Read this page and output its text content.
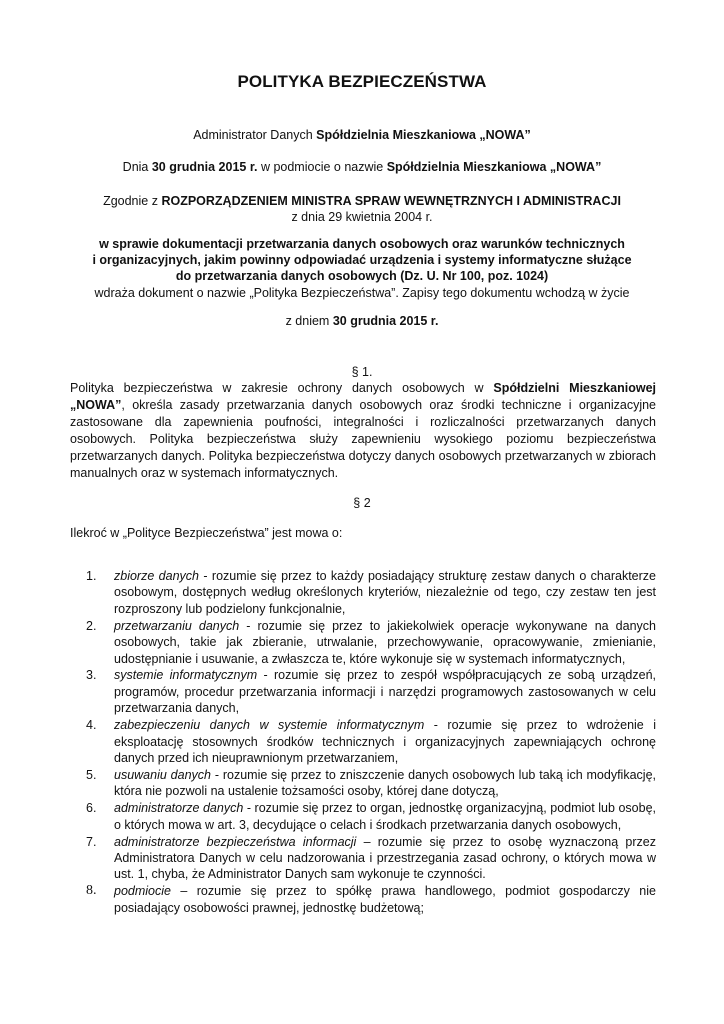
POLITYKA BEZPIECZEŃSTWA
Administrator Danych Spółdzielnia Mieszkaniowa „NOWA”
Dnia 30 grudnia 2015 r. w podmiocie o nazwie Spółdzielnia Mieszkaniowa „NOWA”
Zgodnie z ROZPORZĄDZENIEM MINISTRA SPRAW WEWNĘTRZNYCH I ADMINISTRACJI
z dnia 29 kwietnia 2004 r.
w sprawie dokumentacji przetwarzania danych osobowych oraz warunków technicznych
i organizacyjnych, jakim powinny odpowiadać urządzenia i systemy informatyczne służące
do przetwarzania danych osobowych (Dz. U. Nr 100, poz. 1024)
wdraża dokument o nazwie „Polityka Bezpieczeństwa”. Zapisy tego dokumentu wchodzą w życie
z dniem 30 grudnia 2015 r.
§ 1.
Polityka bezpieczeństwa w zakresie ochrony danych osobowych w Spółdzielni Mieszkaniowej „NOWA”, określa zasady przetwarzania danych osobowych oraz środki techniczne i organizacyjne zastosowane dla zapewnienia poufności, integralności i rozliczalności przetwarzanych danych osobowych. Polityka bezpieczeństwa służy zapewnieniu wysokiego poziomu bezpieczeństwa przetwarzanych danych. Polityka bezpieczeństwa dotyczy danych osobowych przetwarzanych w zbiorach manualnych oraz w systemach informatycznych.
§ 2
Ilekroć w „Polityce Bezpieczeństwa” jest mowa o:
1. zbiorze danych - rozumie się przez to każdy posiadający strukturę zestaw danych o charakterze osobowym, dostępnych według określonych kryteriów, niezależnie od tego, czy zestaw ten jest rozproszony lub podzielony funkcjonalnie,
2. przetwarzaniu danych - rozumie się przez to jakiekolwiek operacje wykonywane na danych osobowych, takie jak zbieranie, utrwalanie, przechowywanie, opracowywanie, zmienianie, udostępnianie i usuwanie, a zwłaszcza te, które wykonuje się w systemach informatycznych,
3. systemie informatycznym - rozumie się przez to zespół współpracujących ze sobą urządzeń, programów, procedur przetwarzania informacji i narzędzi programowych zastosowanych w celu przetwarzania danych,
4. zabezpieczeniu danych w systemie informatycznym - rozumie się przez to wdrożenie i eksploatację stosownych środków technicznych i organizacyjnych zapewniających ochronę danych przed ich nieuprawnionym przetwarzaniem,
5. usuwaniu danych - rozumie się przez to zniszczenie danych osobowych lub taką ich modyfikację, która nie pozwoli na ustalenie tożsamości osoby, której dane dotyczą,
6. administratorze danych - rozumie się przez to organ, jednostkę organizacyjną, podmiot lub osobę, o których mowa w art. 3, decydujące o celach i środkach przetwarzania danych osobowych,
7. administratorze bezpieczeństwa informacji – rozumie się przez to osobę wyznaczoną przez Administratora Danych w celu nadzorowania i przestrzegania zasad ochrony, o których mowa w ust. 1, chyba, że Administrator Danych sam wykonuje te czynności.
8. podmiocie – rozumie się przez to spółkę prawa handlowego, podmiot gospodarczy nie posiadający osobowości prawnej, jednostkę budżetową;
